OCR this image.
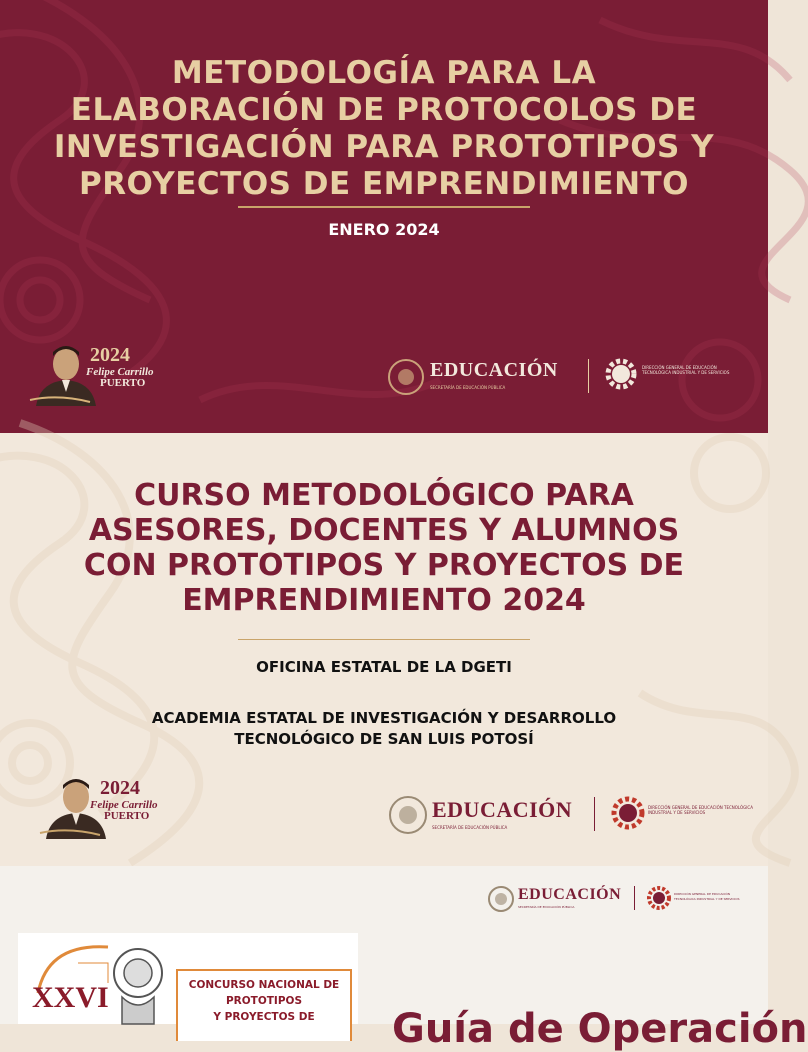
METODOLOGÍA PARA LA
ELABORACIÓN DE PROTOCOLOS DE
INVESTIGACIÓN PARA PROTOTIPOS Y
PROYECTOS DE EMPRENDIMIENTO
ENERO 2024
2024
Felipe Carrillo
PUERTO
EDUCACIÓN
SECRETARÍA DE EDUCACIÓN PÚBLICA
DIRECCIÓN GENERAL DE EDUCACIÓN TECNOLÓGICA INDUSTRIAL Y DE SERVICIOS
CURSO METODOLÓGICO PARA
ASESORES, DOCENTES Y ALUMNOS
CON PROTOTIPOS Y PROYECTOS DE
EMPRENDIMIENTO 2024
OFICINA ESTATAL DE LA DGETI
ACADEMIA ESTATAL DE INVESTIGACIÓN Y DESARROLLO
TECNOLÓGICO DE SAN LUIS POTOSÍ
2024
Felipe Carrillo
PUERTO	EDUCACIÓN
SECRETARÍA DE EDUCACIÓN PÚBLICA
DIRECCIÓN GENERAL DE EDUCACIÓN TECNOLÓGICA INDUSTRIAL Y DE SERVICIOS
EDUCACIÓN
SECRETARÍA DE EDUCACIÓN PÚBLICA
DIRECCIÓN GENERAL DE EDUCACIÓN TECNOLÓGICA INDUSTRIAL Y DE SERVICIOS
XXVI	CONCURSO NACIONAL DE
PROTOTIPOS
Y PROYECTOS DE	Guía de Operación
